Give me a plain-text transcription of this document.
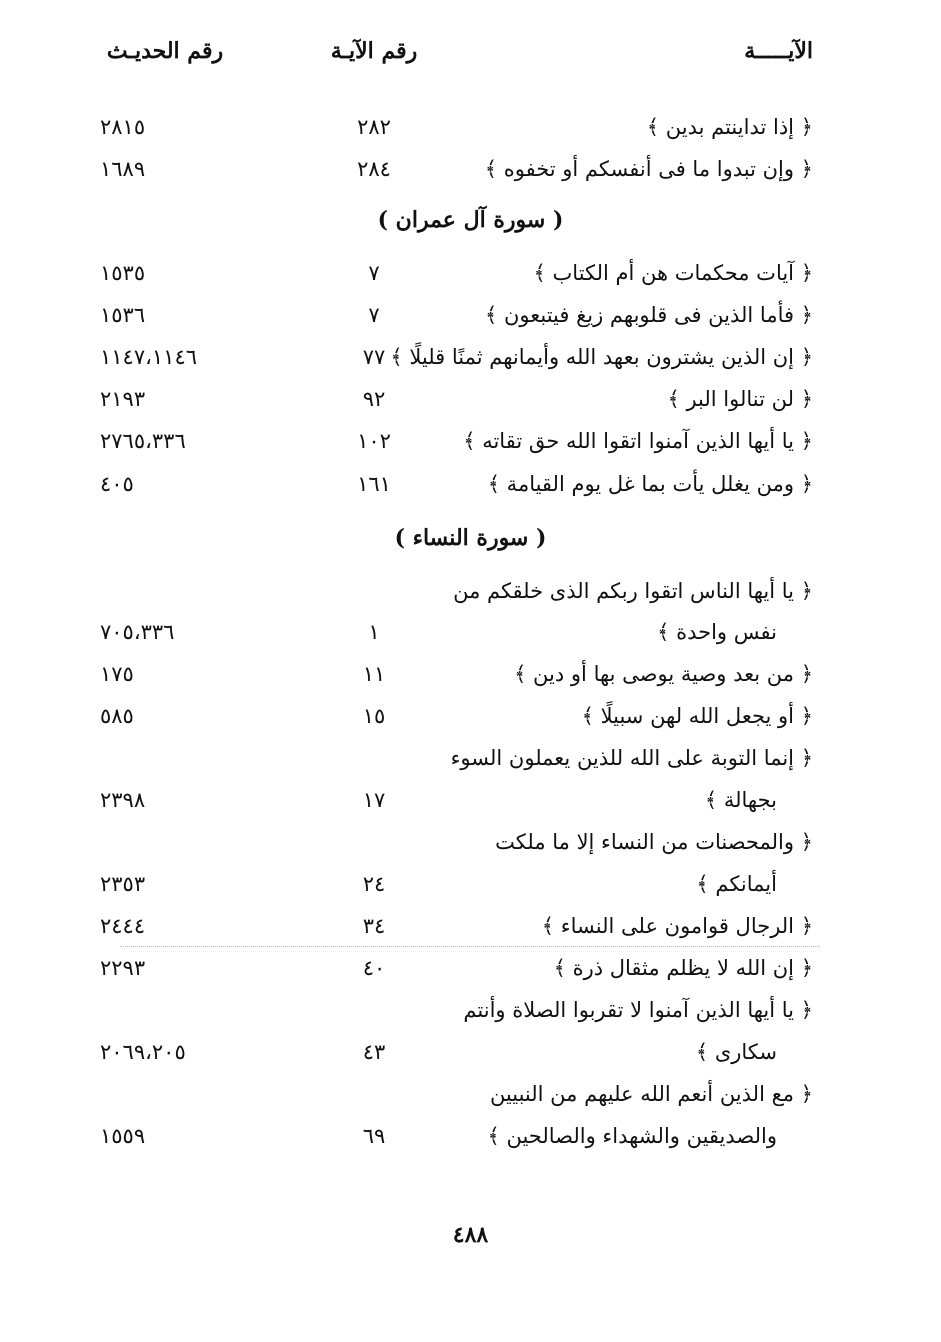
الآيـــــة
رقم الآيـة
رقم الحديـث
﴿ إذا تداينتم بدين ﴾
٢٨٢
٢٨١٥
﴿ وإن تبدوا ما فى أنفسكم أو تخفوه ﴾
٢٨٤
١٦٨٩
( سورة آل عمران )
﴿ آيات محكمات هن أم الكتاب ﴾
٧
١٥٣٥
﴿ فأما الذين فى قلوبهم زيغ فيتبعون ﴾
٧
١٥٣٦
﴿ إن الذين يشترون بعهد الله وأيمانهم ثمنًا قليلًا ﴾
٧٧
١١٤٧،١١٤٦
﴿ لن تنالوا البر ﴾
٩٢
٢١٩٣
﴿ يا أيها الذين آمنوا اتقوا الله حق تقاته ﴾
١٠٢
٢٧٦٥،٣٣٦
﴿ ومن يغلل يأت بما غل يوم القيامة ﴾
١٦١
٤٠٥
( سورة النساء )
﴿ يا أيها الناس اتقوا ربكم الذى خلقكم من
نفس واحدة ﴾
١
٧٠٥،٣٣٦
﴿ من بعد وصية يوصى بها أو دين ﴾
١١
١٧٥
﴿ أو يجعل الله لهن سبيلًا ﴾
١٥
٥٨٥
﴿ إنما التوبة على الله للذين يعملون السوء
بجهالة ﴾
١٧
٢٣٩٨
﴿ والمحصنات من النساء إلا ما ملكت
أيمانكم ﴾
٢٤
٢٣٥٣
﴿ الرجال قوامون على النساء ﴾
٣٤
٢٤٤٤
﴿ إن الله لا يظلم مثقال ذرة ﴾
٤٠
٢٢٩٣
﴿ يا أيها الذين آمنوا لا تقربوا الصلاة وأنتم
سكارى ﴾
٤٣
٢٠٦٩،٢٠٥
﴿ مع الذين أنعم الله عليهم من النبيين
والصديقين والشهداء والصالحين ﴾
٦٩
١٥٥٩
٤٨٨
